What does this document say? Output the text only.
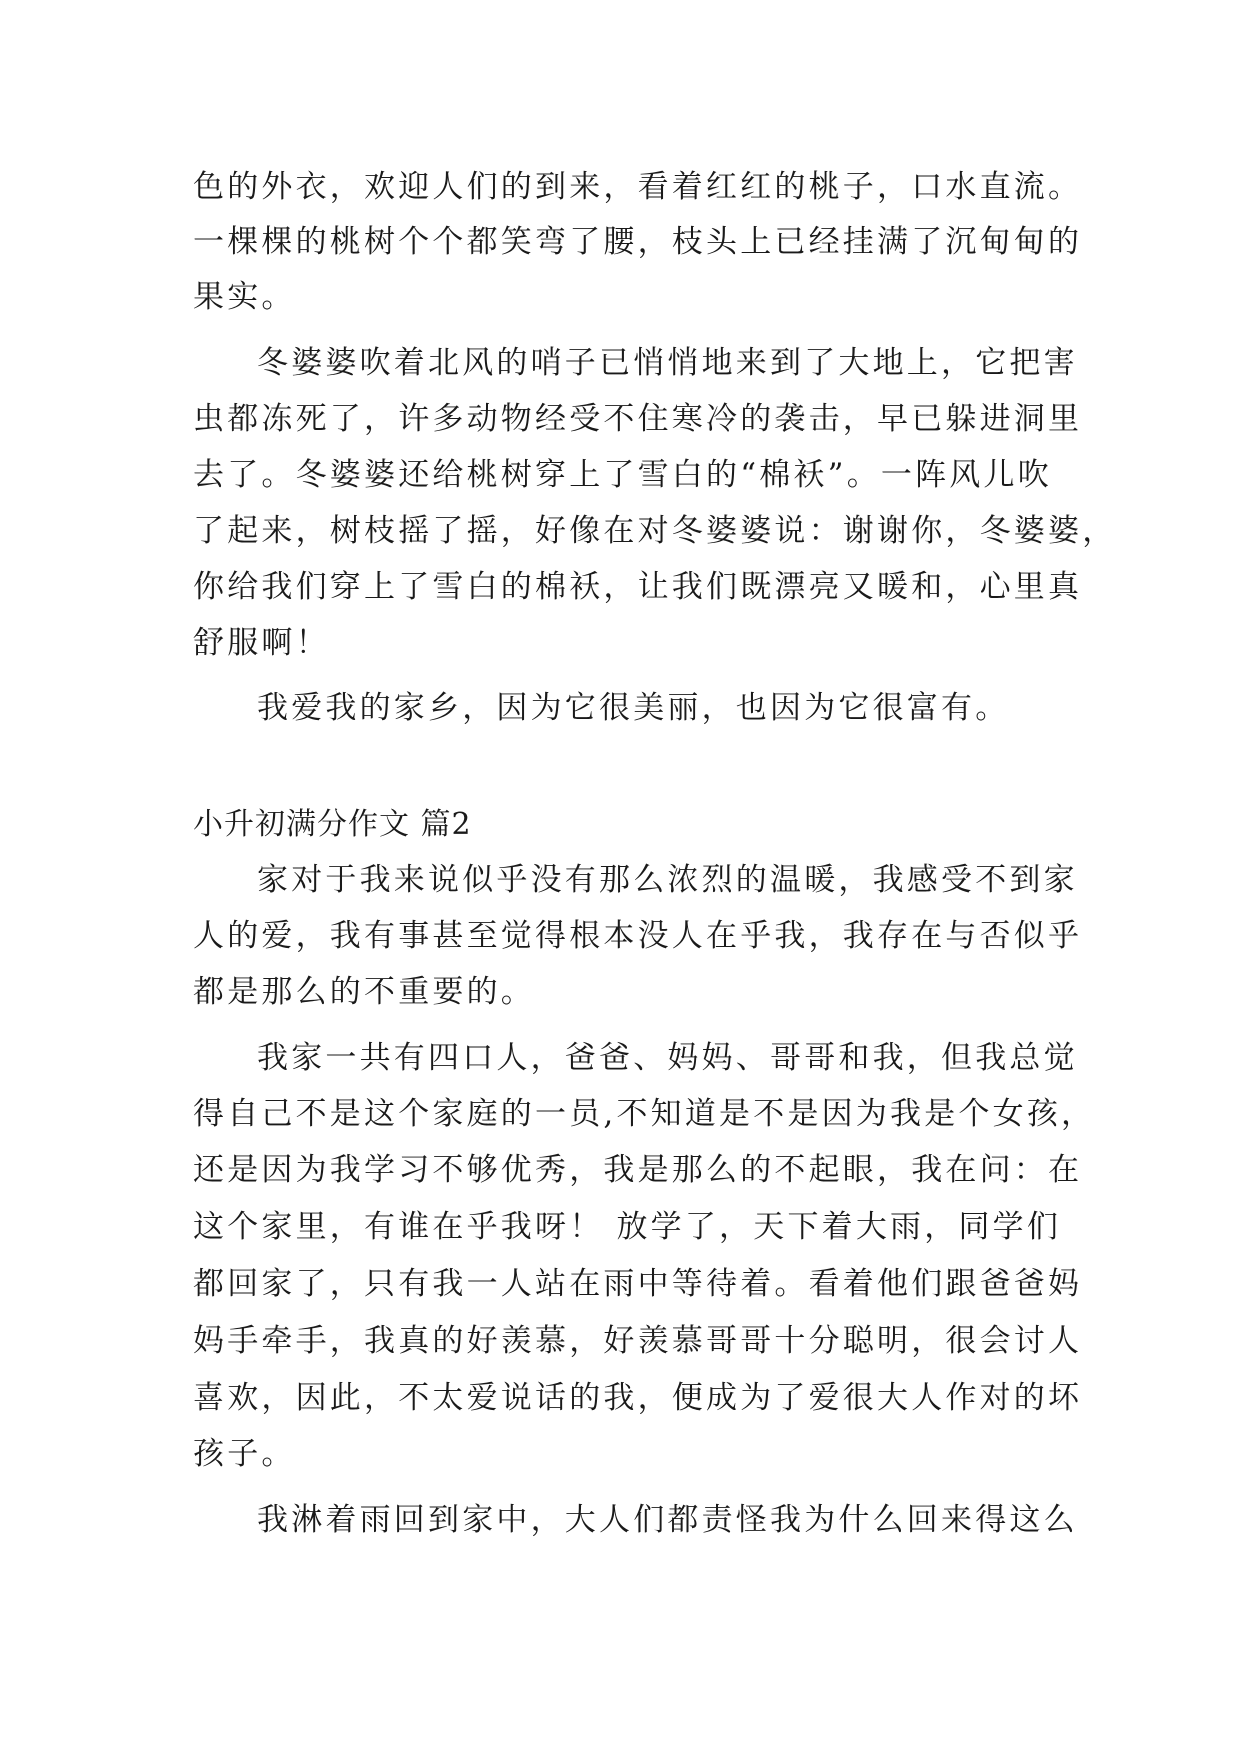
色的外衣，欢迎人们的到来，看着红红的桃子，口水直流。
一棵棵的桃树个个都笑弯了腰，枝头上已经挂满了沉甸甸的
果实。
冬婆婆吹着北风的哨子已悄悄地来到了大地上，它把害
虫都冻死了，许多动物经受不住寒冷的袭击，早已躲进洞里
去了。冬婆婆还给桃树穿上了雪白的“棉袄”。一阵风儿吹
了起来，树枝摇了摇，好像在对冬婆婆说：谢谢你，冬婆婆，
你给我们穿上了雪白的棉袄，让我们既漂亮又暖和，心里真
舒服啊！
我爱我的家乡，因为它很美丽，也因为它很富有。
小升初满分作文 篇2
家对于我来说似乎没有那么浓烈的温暖，我感受不到家
人的爱，我有事甚至觉得根本没人在乎我，我存在与否似乎
都是那么的不重要的。
我家一共有四口人，爸爸、妈妈、哥哥和我，但我总觉
得自己不是这个家庭的一员,不知道是不是因为我是个女孩，
还是因为我学习不够优秀，我是那么的不起眼，我在问：在
这个家里，有谁在乎我呀！ 放学了，天下着大雨，同学们
都回家了，只有我一人站在雨中等待着。看着他们跟爸爸妈
妈手牵手，我真的好羡慕，好羡慕哥哥十分聪明，很会讨人
喜欢，因此，不太爱说话的我，便成为了爱很大人作对的坏
孩子。
我淋着雨回到家中，大人们都责怪我为什么回来得这么
